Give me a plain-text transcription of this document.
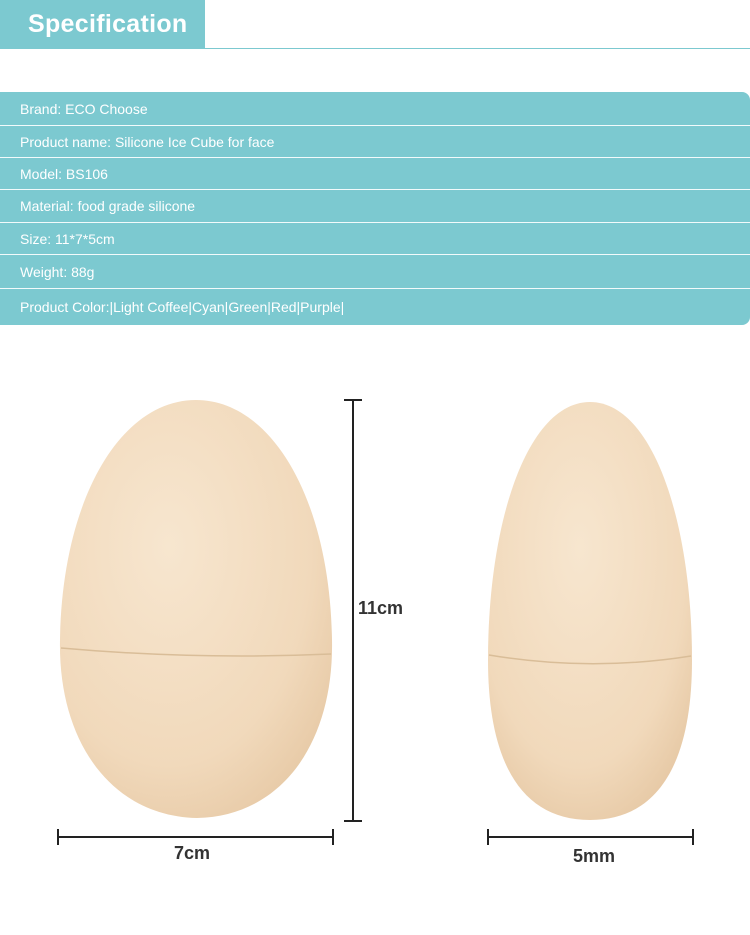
Specification
Brand: ECO Choose
Product name: Silicone Ice Cube for face
Model: BS106
Material: food grade silicone
Size: 11*7*5cm
Weight: 88g
Product Color:|Light Coffee|Cyan|Green|Red|Purple|
11cm
7cm	5mm
